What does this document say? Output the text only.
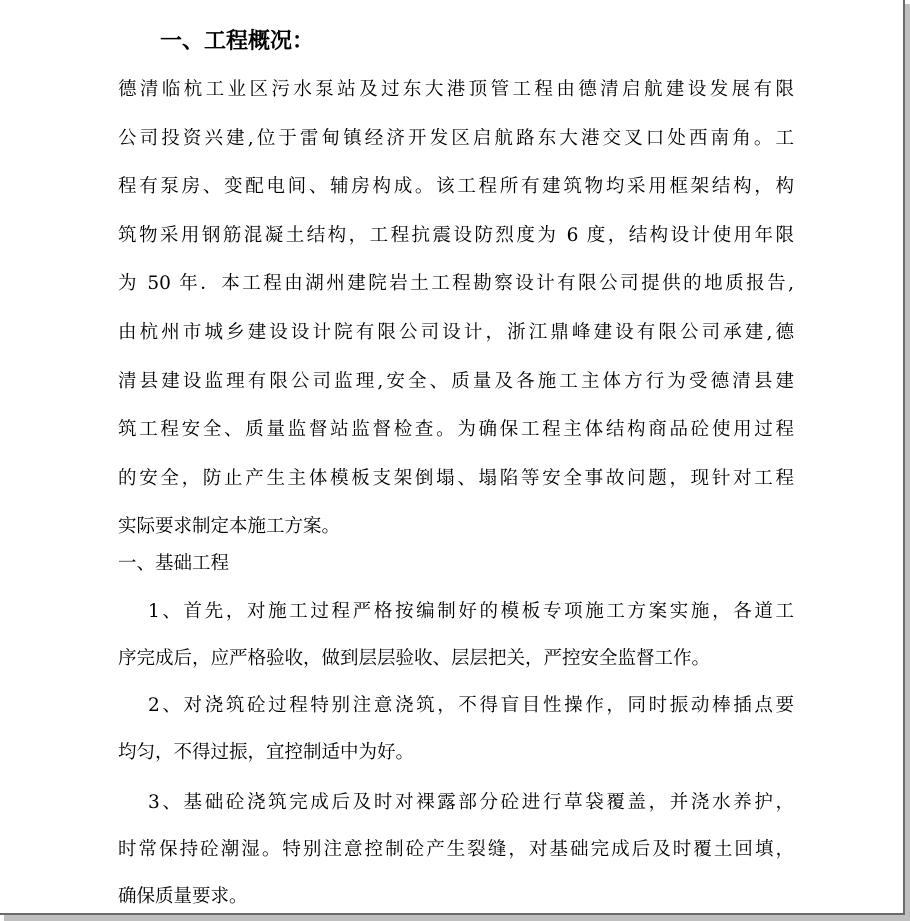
一、工程概况：
德清临杭工业区污水泵站及过东大港顶管工程由德清启航建设发展有限
公司投资兴建,位于雷甸镇经济开发区启航路东大港交叉口处西南角。工
程有泵房、变配电间、辅房构成。该工程所有建筑物均采用框架结构，构
筑物采用钢筋混凝土结构，工程抗震设防烈度为 6 度，结构设计使用年限
为 50 年．本工程由湖州建院岩土工程勘察设计有限公司提供的地质报告,
由杭州市城乡建设设计院有限公司设计，浙江鼎峰建设有限公司承建,德
清县建设监理有限公司监理,安全、质量及各施工主体方行为受德清县建
筑工程安全、质量监督站监督检查。为确保工程主体结构商品砼使用过程
的安全，防止产生主体模板支架倒塌、塌陷等安全事故问题，现针对工程
实际要求制定本施工方案。

一、基础工程

1、首先，对施工过程严格按编制好的模板专项施工方案实施，各道工
序完成后，应严格验收，做到层层验收、层层把关，严控安全监督工作。
2、对浇筑砼过程特别注意浇筑，不得盲目性操作，同时振动棒插点要
均匀，不得过振，宜控制适中为好。
3、基础砼浇筑完成后及时对裸露部分砼进行草袋覆盖，并浇水养护，
时常保持砼潮湿。特别注意控制砼产生裂缝，对基础完成后及时覆土回填，
确保质量要求。
